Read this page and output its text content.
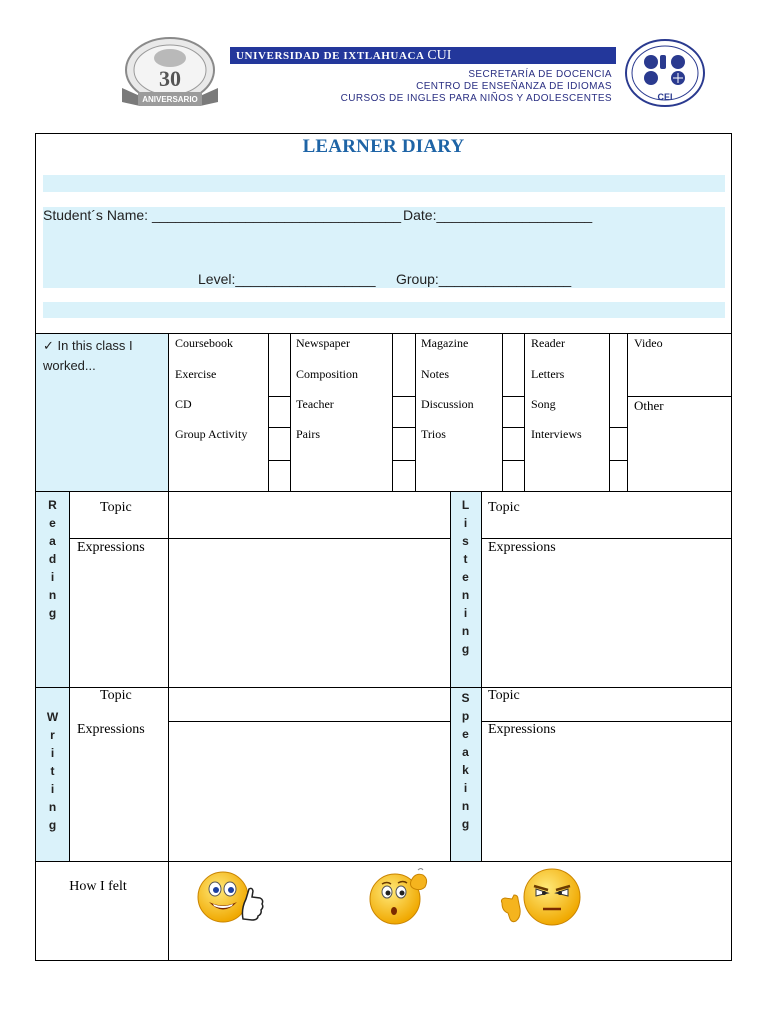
30
ANIVERSARIO
UNIVERSIDAD DE IXTLAHUACA CUI
SECRETARÍA DE DOCENCIA
CENTRO DE ENSEÑANZA DE IDIOMAS
CURSOS DE INGLES PARA NIÑOS Y ADOLESCENTES	CEI
LEARNER DIARY
Student´s Name: ________________________________ Date:____________________
Level:__________________ Group:_________________
✓ In this class I
worked...
Coursebook
Exercise
CD
Group Activity
Newspaper
Composition
Teacher
Pairs
Magazine
Notes
Discussion
Trios
Reader
Letters
Song
Interviews
Video
Other
R
e
a
d
i
n
g
Topic
Expressions
L
i
s
t
e
n
i
n
g
Topic
Expressions
W
r
i
t
i
n
g
Topic
Expressions
S
p
e
a
k
i
n
g
Topic
Expressions
How I felt
